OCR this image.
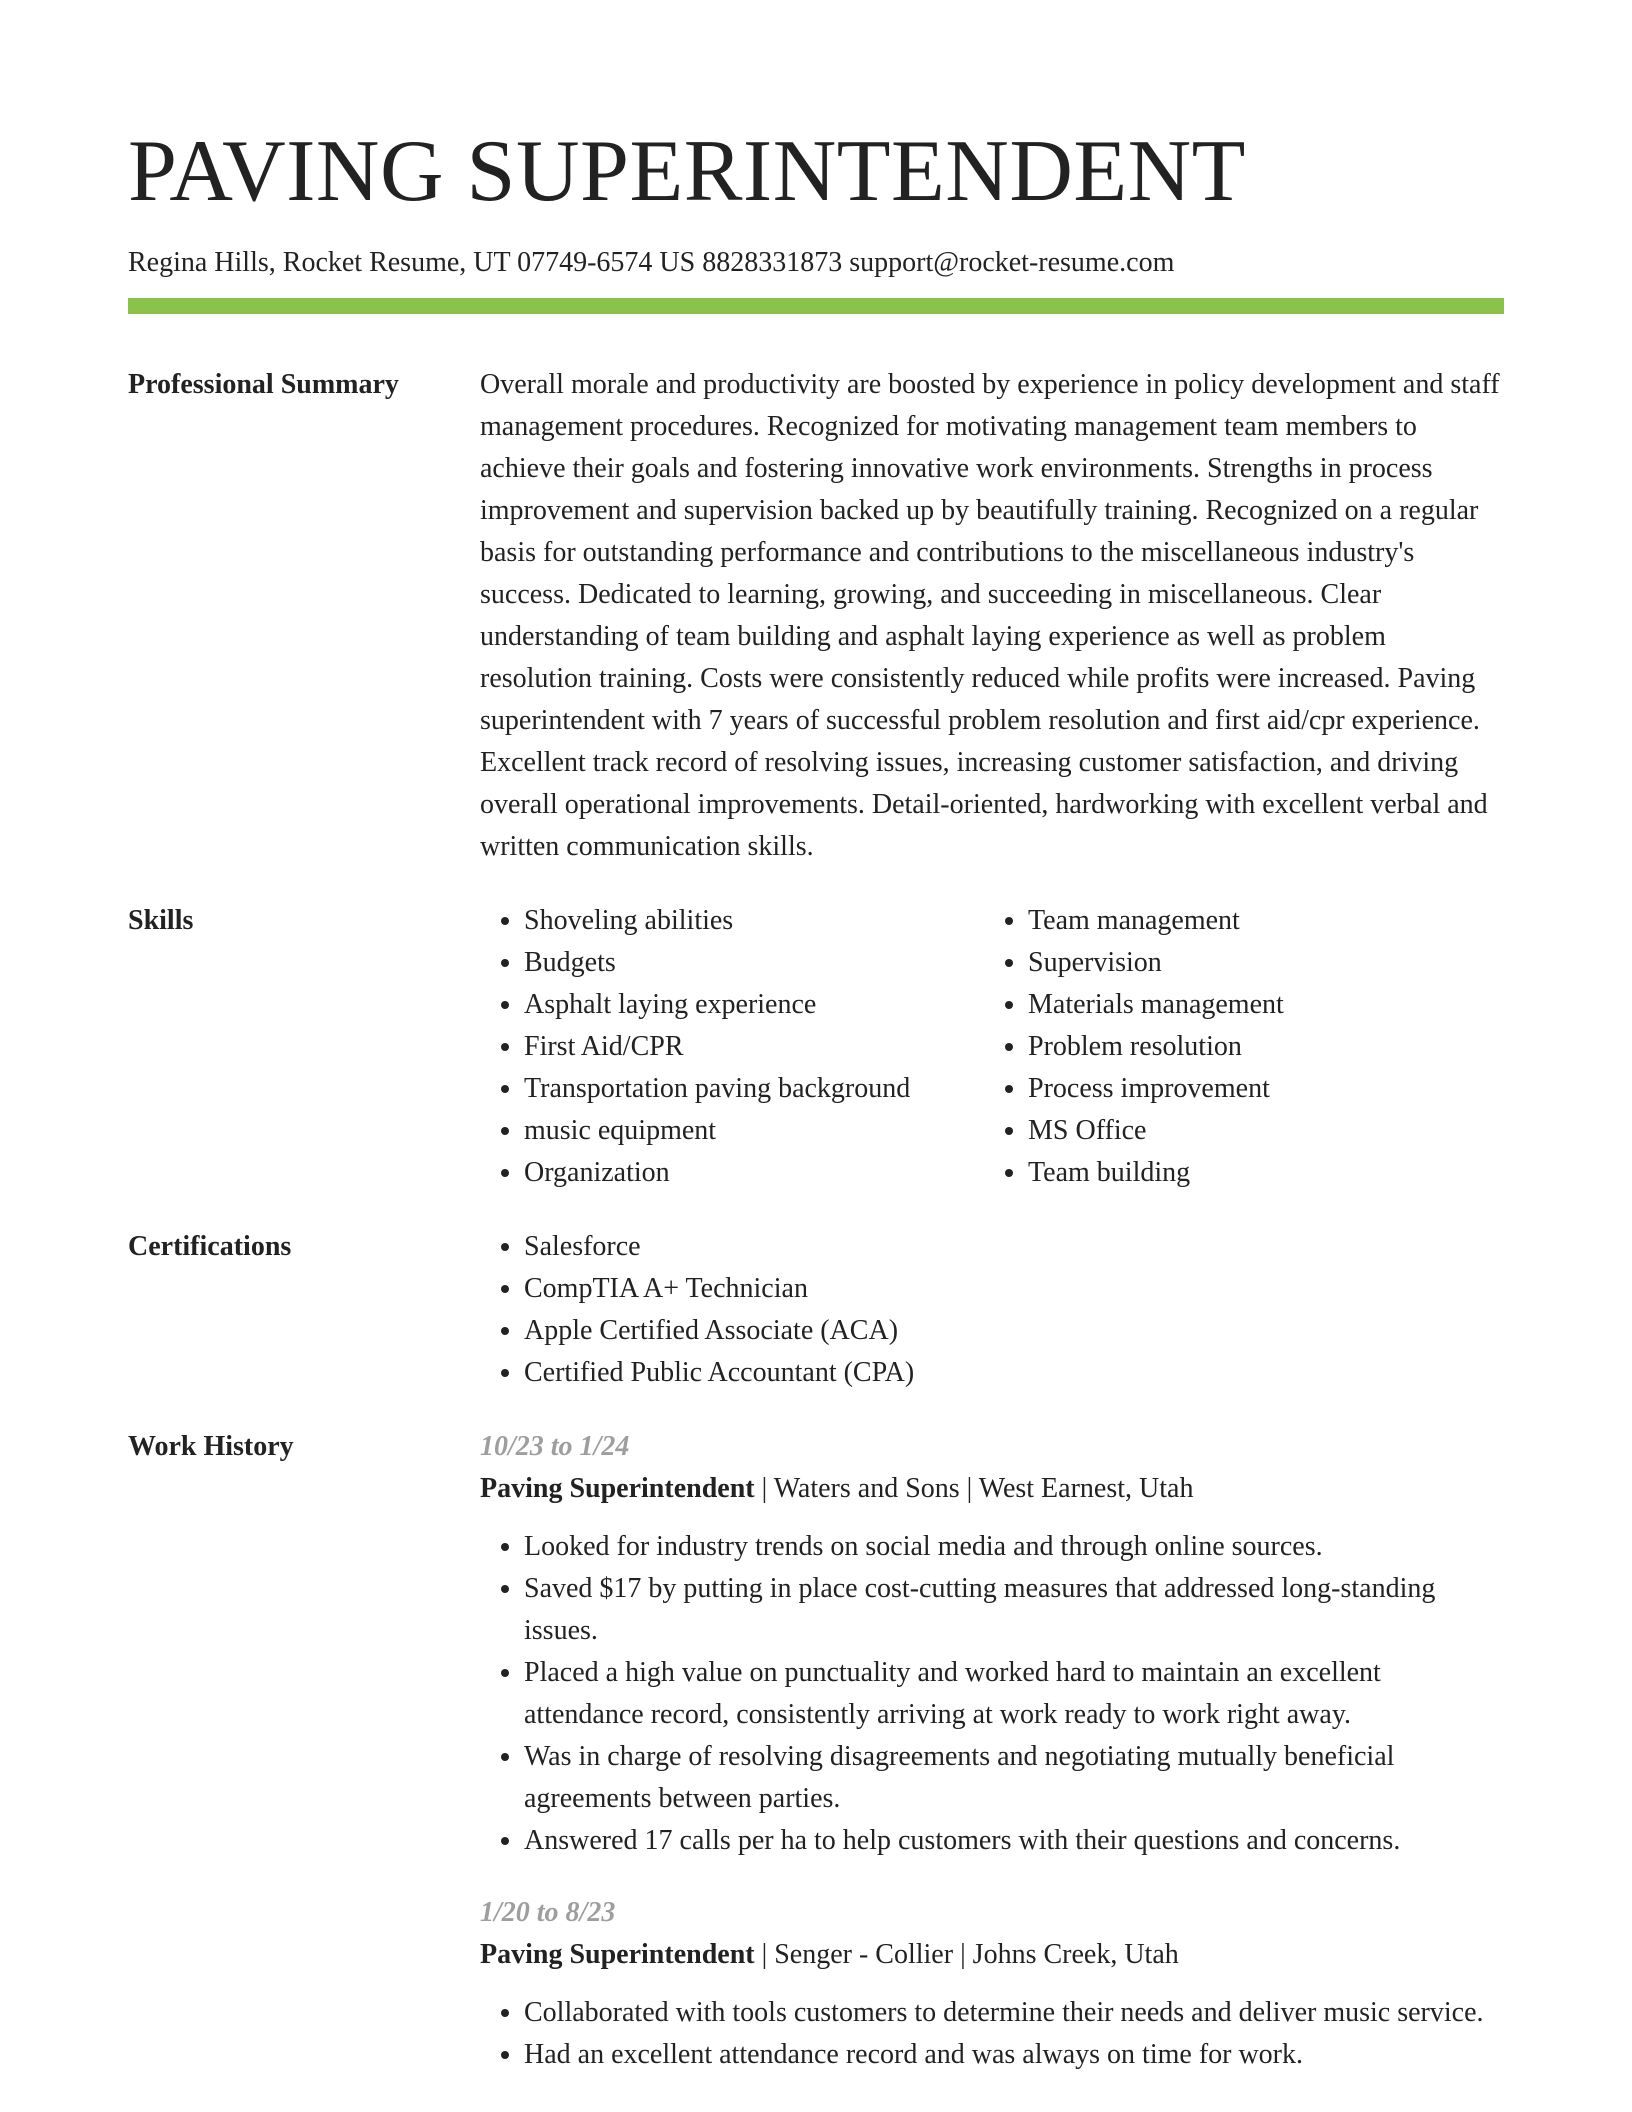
PAVING SUPERINTENDENT
Regina Hills, Rocket Resume, UT 07749-6574 US 8828331873 support@rocket-resume.com
Professional Summary	Overall morale and productivity are boosted by experience in policy development and staff management procedures. Recognized for motivating management team members to achieve their goals and fostering innovative work environments. Strengths in process improvement and supervision backed up by beautifully training. Recognized on a regular basis for outstanding performance and contributions to the miscellaneous industry's success. Dedicated to learning, growing, and succeeding in miscellaneous. Clear understanding of team building and asphalt laying experience as well as problem resolution training. Costs were consistently reduced while profits were increased. Paving superintendent with 7 years of successful problem resolution and first aid/cpr experience. Excellent track record of resolving issues, increasing customer satisfaction, and driving overall operational improvements. Detail-oriented, hardworking with excellent verbal and written communication skills.
Skills	• Shoveling abilities
• Budgets
• Asphalt laying experience
• First Aid/CPR
• Transportation paving background
• music equipment
• Organization
• Team management
• Supervision
• Materials management
• Problem resolution
• Process improvement
• MS Office
• Team building
Certifications	• Salesforce
• CompTIA A+ Technician
• Apple Certified Associate (ACA)
• Certified Public Accountant (CPA)
Work History	10/23 to 1/24
Paving Superintendent | Waters and Sons | West Earnest, Utah
• Looked for industry trends on social media and through online sources.
• Saved $17 by putting in place cost-cutting measures that addressed long-standing issues.
• Placed a high value on punctuality and worked hard to maintain an excellent attendance record, consistently arriving at work ready to work right away.
• Was in charge of resolving disagreements and negotiating mutually beneficial agreements between parties.
• Answered 17 calls per ha to help customers with their questions and concerns.
1/20 to 8/23
Paving Superintendent | Senger - Collier | Johns Creek, Utah
• Collaborated with tools customers to determine their needs and deliver music service.
• Had an excellent attendance record and was always on time for work.
